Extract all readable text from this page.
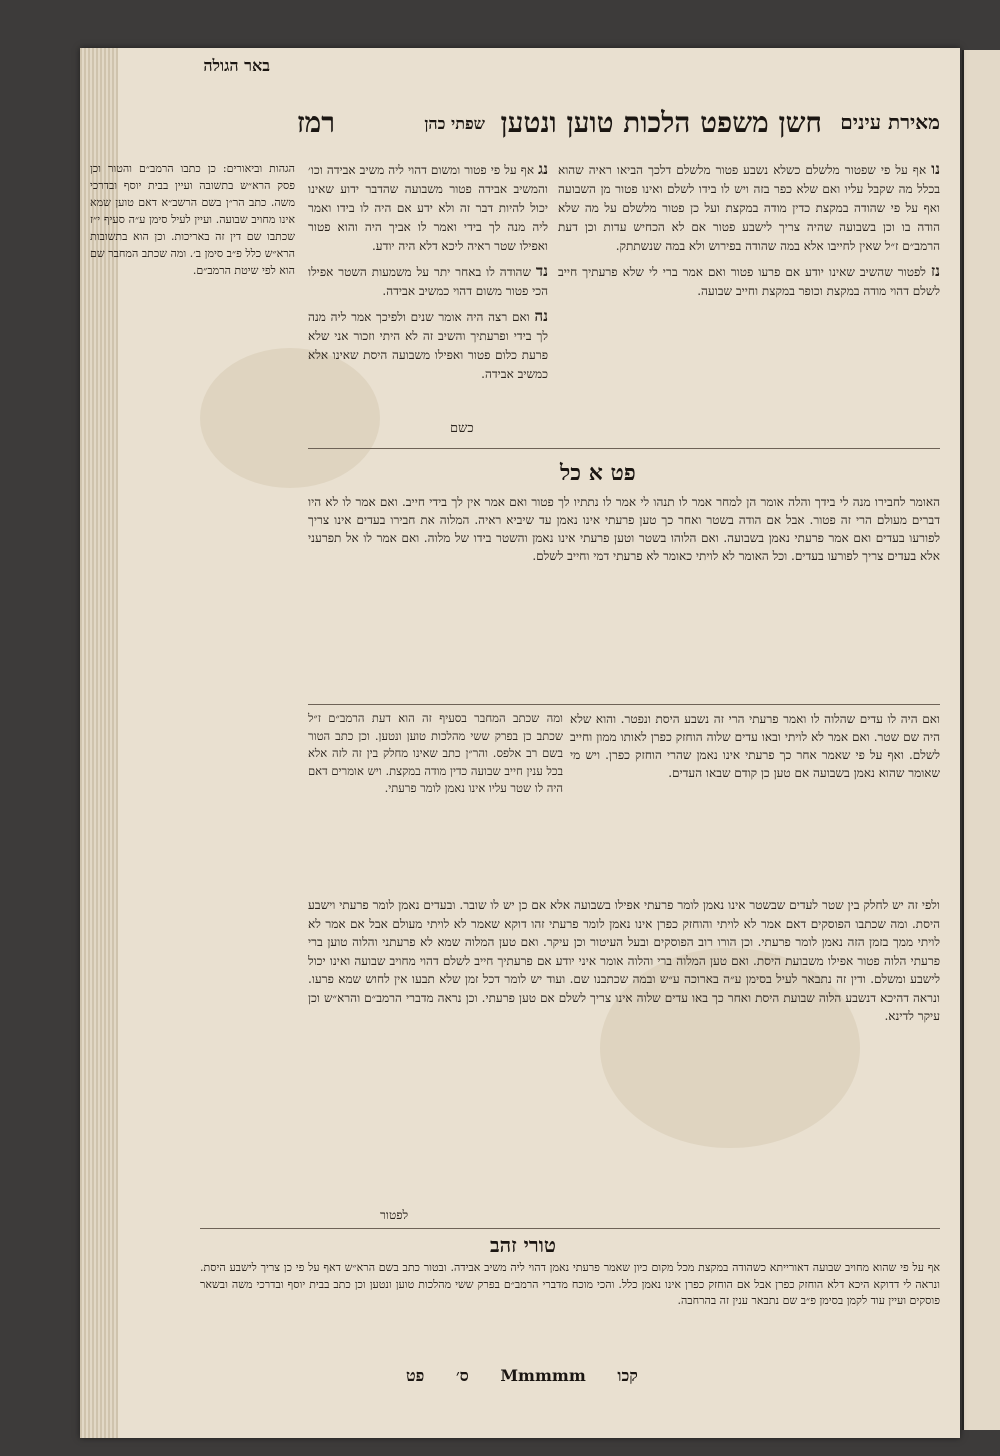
מאירת עינים
חשן משפט הלכות טוען ונטען
שפתי כהן
רמז
באר הגולה

נו אף על פי שפטור מלשלם כשלא נשבע פטור מלשלם דלכך הביאו ראיה שהוא בכלל מה שקבל עליו ואם שלא כפר בזה ויש לו בידו לשלם ואינו פטור מן השבועה ואף על פי שהודה במקצת כדין מודה במקצת ועל כן פטור מלשלם על מה שלא הודה בו וכן בשבועה שהיה צריך לישבע פטור אם לא הכחיש עדות וכן דעת הרמב״ם ז״ל שאין לחייבו אלא במה שהודה בפירוש ולא במה שנשתתק.

נז לפטור שהשיב שאינו יודע אם פרעו פטור ואם אמר ברי לי שלא פרעתיך חייב לשלם דהוי מודה במקצת וכופר במקצת וחייב שבועה.

נג אף על פי פטור ומשום דהוי ליה משיב אבידה וכו׳ והמשיב אבידה פטור משבועה שהדבר ידוע שאינו יכול להיות דבר זה ולא ידע אם היה לו בידו ואמר ליה מנה לך בידי ואמר לו אביך היה והוא פטור ואפילו שטר ראיה ליכא דלא היה יודע.

נד שהודה לו באחר יתר על משמעות השטר אפילו הכי פטור משום דהוי כמשיב אבידה.

נה ואם רצה היה אומר שנים ולפיכך אמר ליה מנה לך בידי ופרעתיך והשיב זה לא היתי וזכור אני שלא פרעת כלום פטור ואפילו משבועה היסת שאינו אלא כמשיב אבידה.

הגהות וביאורים: כן כתבו הרמב״ם והטור וכן פסק הרא״ש בתשובה ועיין בבית יוסף ובדרכי משה. כתב הר״ן בשם הרשב״א דאם טוען שמא אינו מחויב שבועה. ועיין לעיל סימן ע״ה סעיף י״ז שכתבו שם דין זה באריכות. וכן הוא בתשובות הרא״ש כלל פ״ב סימן ב׳. ומה שכתב המחבר שם הוא לפי שיטת הרמב״ם.

כשם
פט א כל
האומר לחבירו מנה לי בידך והלה אומר הן למחר אמר לו תנהו לי אמר לו נתתיו לך פטור ואם אמר אין לך בידי חייב. ואם אמר לו לא היו דברים מעולם הרי זה פטור. אבל אם הודה בשטר ואחר כך טען פרעתי אינו נאמן עד שיביא ראיה. המלוה את חבירו בעדים אינו צריך לפורעו בעדים ואם אמר פרעתי נאמן בשבועה. ואם הלוהו בשטר וטען פרעתי אינו נאמן והשטר בידו של מלוה. ואם אמר לו אל תפרעני אלא בעדים צריך לפורעו בעדים. וכל האומר לא לויתי כאומר לא פרעתי דמי וחייב לשלם.
ומה שכתב המחבר בסעיף זה הוא דעת הרמב״ם ז״ל שכתב כן בפרק ששי מהלכות טוען ונטען. וכן כתב הטור בשם רב אלפס. והר״ן כתב שאינו מחלק בין זה לזה אלא בכל ענין חייב שבועה כדין מודה במקצת. ויש אומרים דאם היה לו שטר עליו אינו נאמן לומר פרעתי.
ואם היה לו עדים שהלוה לו ואמר פרעתי הרי זה נשבע היסת ונפטר. והוא שלא היה שם שטר. ואם אמר לא לויתי ובאו עדים שלוה הוחזק כפרן לאותו ממון וחייב לשלם. ואף על פי שאמר אחר כך פרעתי אינו נאמן שהרי הוחזק כפרן. ויש מי שאומר שהוא נאמן בשבועה אם טען כן קודם שבאו העדים.
ולפי זה יש לחלק בין שטר לעדים שבשטר אינו נאמן לומר פרעתי אפילו בשבועה אלא אם כן יש לו שובר. ובעדים נאמן לומר פרעתי וישבע היסת. ומה שכתבו הפוסקים דאם אמר לא לויתי והוחזק כפרן אינו נאמן לומר פרעתי זהו דוקא שאמר לא לויתי מעולם אבל אם אמר לא לויתי ממך בזמן הזה נאמן לומר פרעתי. וכן הורו רוב הפוסקים ובעל העיטור וכן עיקר. ואם טען המלוה שמא לא פרעתני והלוה טוען ברי פרעתי הלוה פטור אפילו משבועת היסת. ואם טען המלוה ברי והלוה אומר איני יודע אם פרעתיך חייב לשלם דהוי מחויב שבועה ואינו יכול לישבע ומשלם. ודין זה נתבאר לעיל בסימן ע״ה בארוכה ע״ש ובמה שכתבנו שם. ועוד יש לומר דכל זמן שלא תבעו אין לחוש שמא פרעו. ונראה דהיכא דנשבע הלוה שבועת היסת ואחר כך באו עדים שלוה אינו צריך לשלם אם טען פרעתי. וכן נראה מדברי הרמב״ם והרא״ש וכן עיקר לדינא.
לפטור
טורי זהב
אף על פי שהוא מחויב שבועה דאורייתא כשהודה במקצת מכל מקום כיון שאמר פרעתי נאמן דהוי ליה משיב אבידה. ובטור כתב בשם הרא״ש דאף על פי כן צריך לישבע היסת. ונראה לי דדוקא היכא דלא הוחזק כפרן אבל אם הוחזק כפרן אינו נאמן כלל. והכי מוכח מדברי הרמב״ם בפרק ששי מהלכות טוען ונטען וכן כתב בבית יוסף ובדרכי משה ובשאר פוסקים ועיין עוד לקמן בסימן פ״ב שם נתבאר ענין זה בהרחבה.
קכו Mmmmm ס׳ פט
